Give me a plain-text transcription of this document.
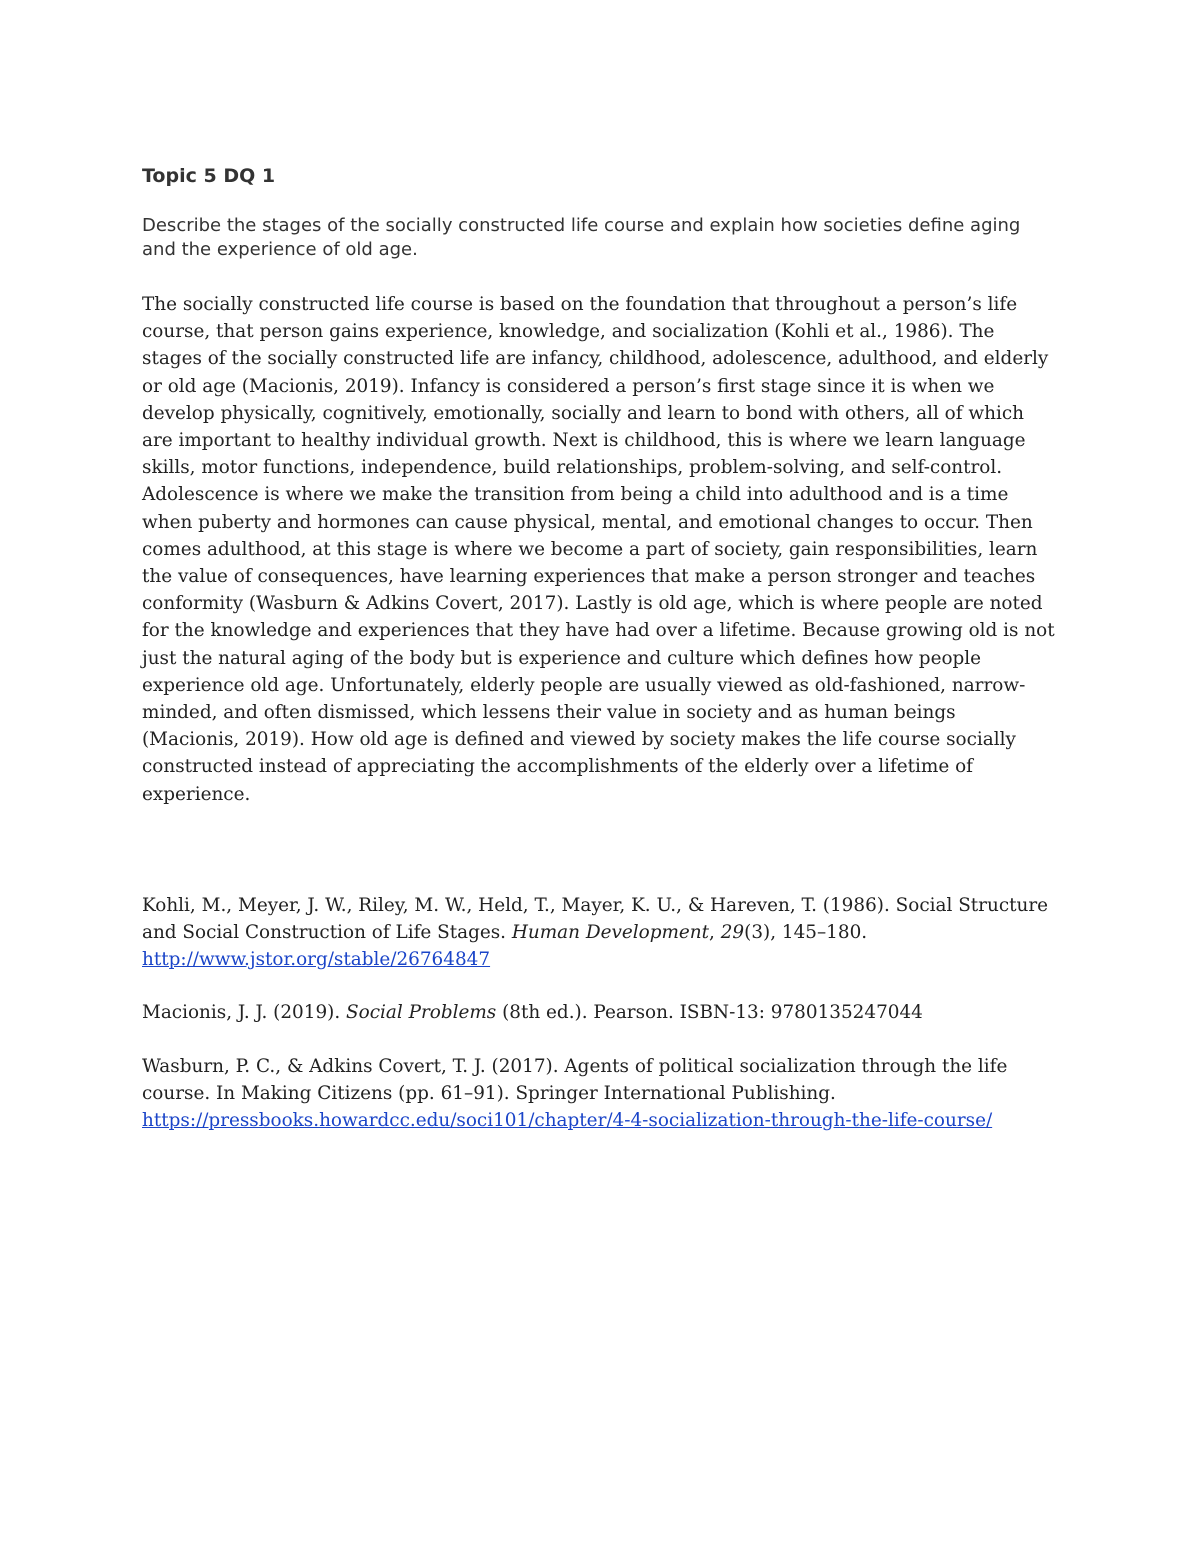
Topic 5 DQ 1

Describe the stages of the socially constructed life course and explain how societies define aging and the experience of old age.

The socially constructed life course is based on the foundation that throughout a person’s life course, that person gains experience, knowledge, and socialization (Kohli et al., 1986). The stages of the socially constructed life are infancy, childhood, adolescence, adulthood, and elderly or old age (Macionis, 2019). Infancy is considered a person’s first stage since it is when we develop physically, cognitively, emotionally, socially and learn to bond with others, all of which are important to healthy individual growth. Next is childhood, this is where we learn language skills, motor functions, independence, build relationships, problem-solving, and self-control. Adolescence is where we make the transition from being a child into adulthood and is a time when puberty and hormones can cause physical, mental, and emotional changes to occur. Then comes adulthood, at this stage is where we become a part of society, gain responsibilities, learn the value of consequences, have learning experiences that make a person stronger and teaches conformity (Wasburn & Adkins Covert, 2017). Lastly is old age, which is where people are noted for the knowledge and experiences that they have had over a lifetime. Because growing old is not just the natural aging of the body but is experience and culture which defines how people experience old age. Unfortunately, elderly people are usually viewed as old-fashioned, narrow-minded, and often dismissed, which lessens their value in society and as human beings (Macionis, 2019). How old age is defined and viewed by society makes the life course socially constructed instead of appreciating the accomplishments of the elderly over a lifetime of experience.

Kohli, M., Meyer, J. W., Riley, M. W., Held, T., Mayer, K. U., & Hareven, T. (1986). Social Structure and Social Construction of Life Stages. Human Development, 29(3), 145–180. http://www.jstor.org/stable/26764847

Macionis, J. J. (2019). Social Problems (8th ed.). Pearson. ISBN-13: 9780135247044

Wasburn, P. C., & Adkins Covert, T. J. (2017). Agents of political socialization through the life course. In Making Citizens (pp. 61–91). Springer International Publishing. https://pressbooks.howardcc.edu/soci101/chapter/4-4-socialization-through-the-life-course/
